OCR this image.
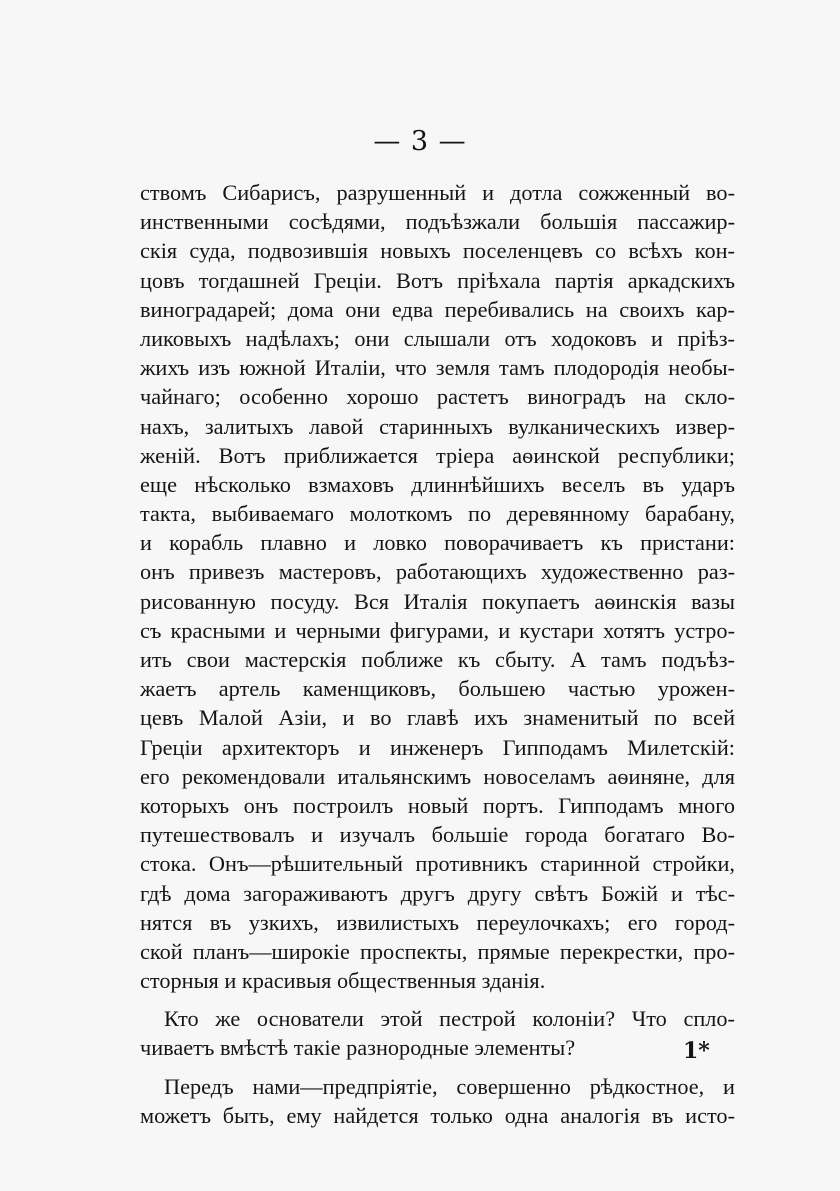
— 3 —
ствомъ Сибарисъ, разрушенный и дотла сожженный во-
инственными сосѣдями, подъѣзжали большія пассажир-
скія суда, подвозившія новыхъ поселенцевъ со всѣхъ кон-
цовъ тогдашней Греціи. Вотъ пріѣхала партія аркадскихъ
виноградарей; дома они едва перебивались на своихъ кар-
ликовыхъ надѣлахъ; они слышали отъ ходоковъ и пріѣз-
жихъ изъ южной Италіи, что земля тамъ плодородія необы-
чайнаго; особенно хорошо растетъ виноградъ на скло-
нахъ, залитыхъ лавой старинныхъ вулканическихъ извер-
женій. Вотъ приближается тріера аѳинской республики;
еще нѣсколько взмаховъ длиннѣйшихъ веселъ въ ударъ
такта, выбиваемаго молоткомъ по деревянному барабану,
и корабль плавно и ловко поворачиваетъ къ пристани:
онъ привезъ мастеровъ, работающихъ художественно раз-
рисованную посуду. Вся Италія покупаетъ аѳинскія вазы
съ красными и черными фигурами, и кустари хотятъ устро-
ить свои мастерскія поближе къ сбыту. А тамъ подъѣз-
жаетъ артель каменщиковъ, большею частью урожен-
цевъ Малой Азіи, и во главѣ ихъ знаменитый по всей
Греціи архитекторъ и инженеръ Гипподамъ Милетскій:
его рекомендовали итальянскимъ новоселамъ аѳиняне, для
которыхъ онъ построилъ новый портъ. Гипподамъ много
путешествовалъ и изучалъ большіе города богатаго Во-
стока. Онъ—рѣшительный противникъ старинной стройки,
гдѣ дома загораживаютъ другъ другу свѣтъ Божій и тѣс-
нятся въ узкихъ, извилистыхъ переулочкахъ; его город-
ской планъ—широкіе проспекты, прямые перекрестки, про-
сторныя и красивыя общественныя зданія.
Кто же основатели этой пестрой колоніи? Что спло-
чиваетъ вмѣстѣ такіе разнородные элементы?
Передъ нами—предпріятіе, совершенно рѣдкостное, и
можетъ быть, ему найдется только одна аналогія въ исто-
1*
